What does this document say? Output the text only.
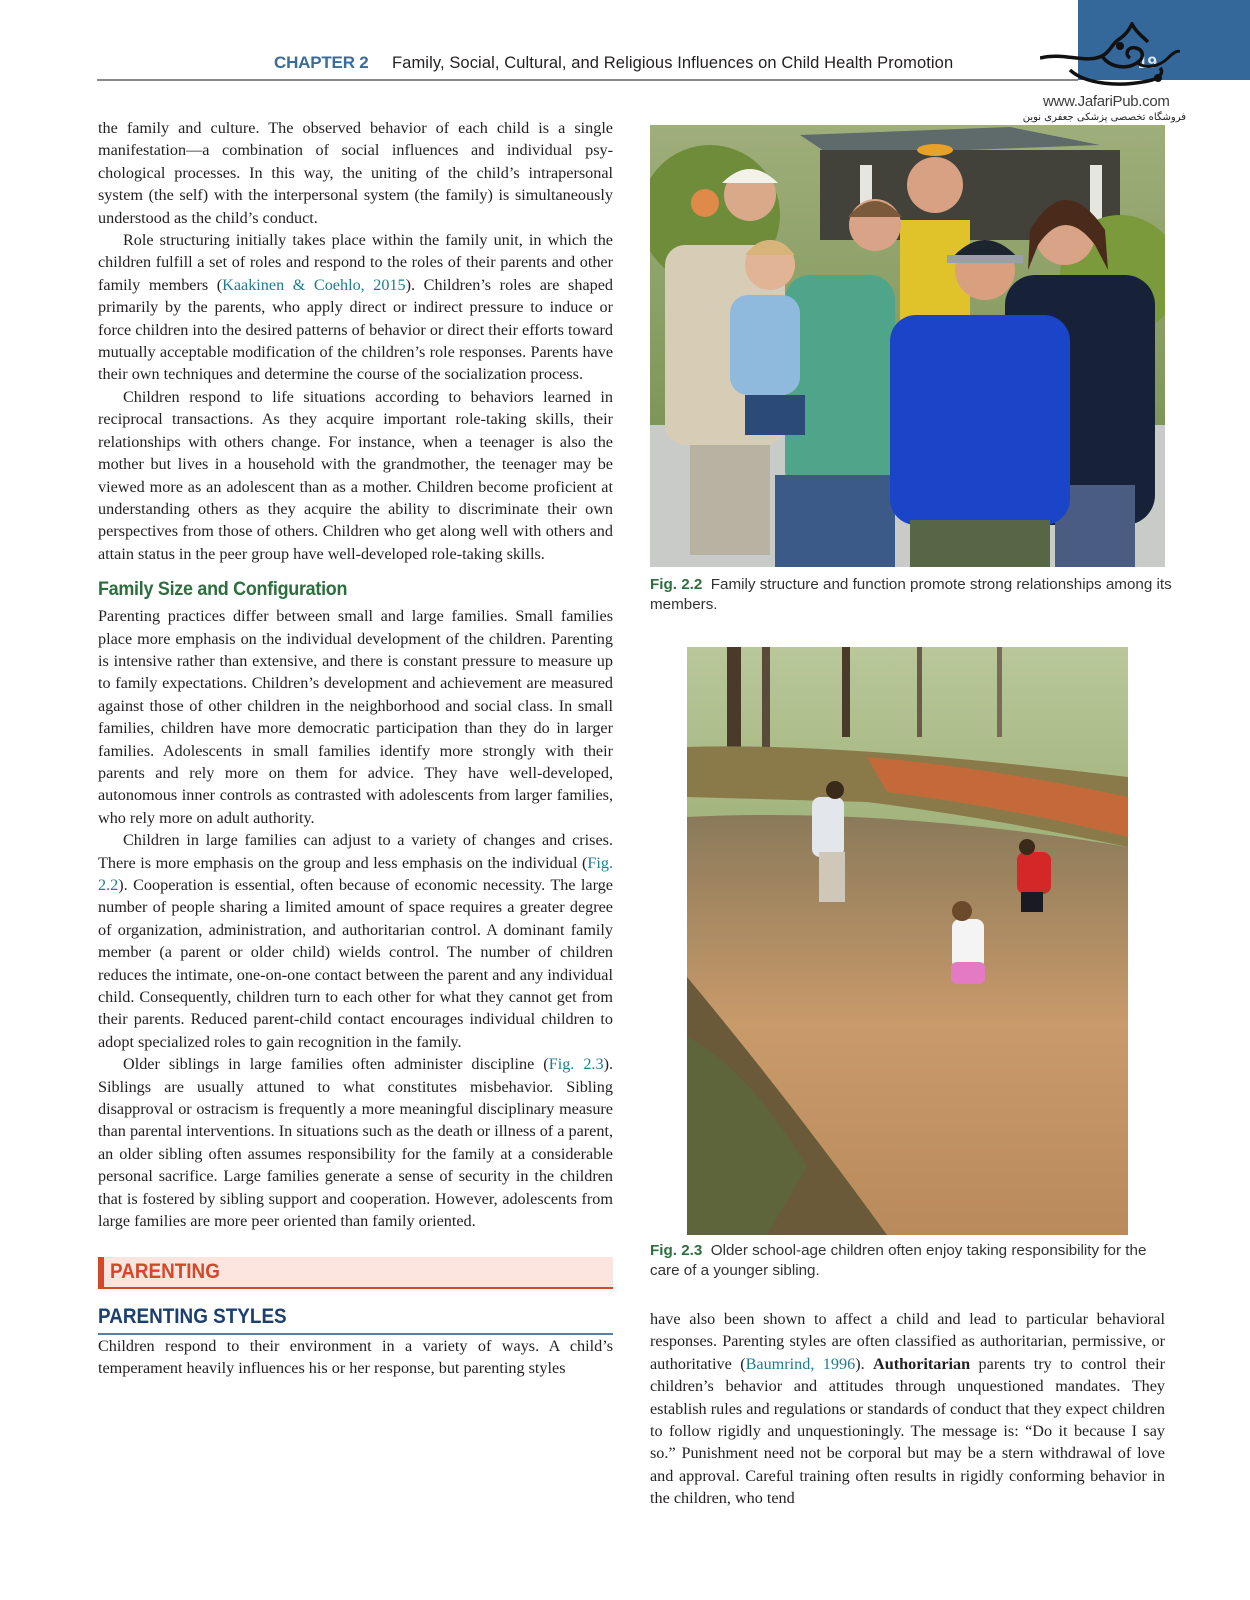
CHAPTER 2 Family, Social, Cultural, and Religious Influences on Child Health Promotion	19
www.JafariPub.com
فروشگاه تخصصی پزشکی جعفری نوین

the family and culture. The observed behavior of each child is a single manifestation—a combination of social influences and individual psychological processes. In this way, the uniting of the child’s intrapersonal system (the self) with the interpersonal system (the family) is simultaneously understood as the child’s conduct.

Role structuring initially takes place within the family unit, in which the children fulfill a set of roles and respond to the roles of their parents and other family members (Kaakinen & Coehlo, 2015). Children’s roles are shaped primarily by the parents, who apply direct or indirect pressure to induce or force children into the desired patterns of behavior or direct their efforts toward mutually acceptable modification of the children’s role responses. Parents have their own techniques and determine the course of the socialization process.

Children respond to life situations according to behaviors learned in reciprocal transactions. As they acquire important role-taking skills, their relationships with others change. For instance, when a teenager is also the mother but lives in a household with the grandmother, the teenager may be viewed more as an adolescent than as a mother. Children become proficient at understanding others as they acquire the ability to discriminate their own perspectives from those of others. Children who get along well with others and attain status in the peer group have well-developed role-taking skills.

Family Size and Configuration

Parenting practices differ between small and large families. Small families place more emphasis on the individual development of the children. Parenting is intensive rather than extensive, and there is constant pressure to measure up to family expectations. Children’s development and achievement are measured against those of other children in the neighborhood and social class. In small families, children have more democratic participation than they do in larger families. Adolescents in small families identify more strongly with their parents and rely more on them for advice. They have well-developed, autonomous inner controls as contrasted with adolescents from larger families, who rely more on adult authority.

Children in large families can adjust to a variety of changes and crises. There is more emphasis on the group and less emphasis on the individual (Fig. 2.2). Cooperation is essential, often because of economic necessity. The large number of people sharing a limited amount of space requires a greater degree of organization, administration, and authoritarian control. A dominant family member (a parent or older child) wields control. The number of children reduces the intimate, one-on-one contact between the parent and any individual child. Consequently, children turn to each other for what they cannot get from their parents. Reduced parent-child contact encourages individual children to adopt specialized roles to gain recognition in the family.

Older siblings in large families often administer discipline (Fig. 2.3). Siblings are usually attuned to what constitutes misbehavior. Sibling disapproval or ostracism is frequently a more meaningful disciplinary measure than parental interventions. In situations such as the death or illness of a parent, an older sibling often assumes responsibility for the family at a considerable personal sacrifice. Large families generate a sense of security in the children that is fostered by sibling support and cooperation. However, adolescents from large families are more peer oriented than family oriented.

PARENTING
PARENTING STYLES

Children respond to their environment in a variety of ways. A child’s temperament heavily influences his or her response, but parenting styles

Fig. 2.2 Family structure and function promote strong relationships among its members.
Fig. 2.3 Older school-age children often enjoy taking responsibility for the care of a younger sibling.

have also been shown to affect a child and lead to particular behavioral responses. Parenting styles are often classified as authoritarian, permissive, or authoritative (Baumrind, 1996). Authoritarian parents try to control their children’s behavior and attitudes through unquestioned mandates. They establish rules and regulations or standards of conduct that they expect children to follow rigidly and unquestioningly. The message is: “Do it because I say so.” Punishment need not be corporal but may be a stern withdrawal of love and approval. Careful training often results in rigidly conforming behavior in the children, who tend
